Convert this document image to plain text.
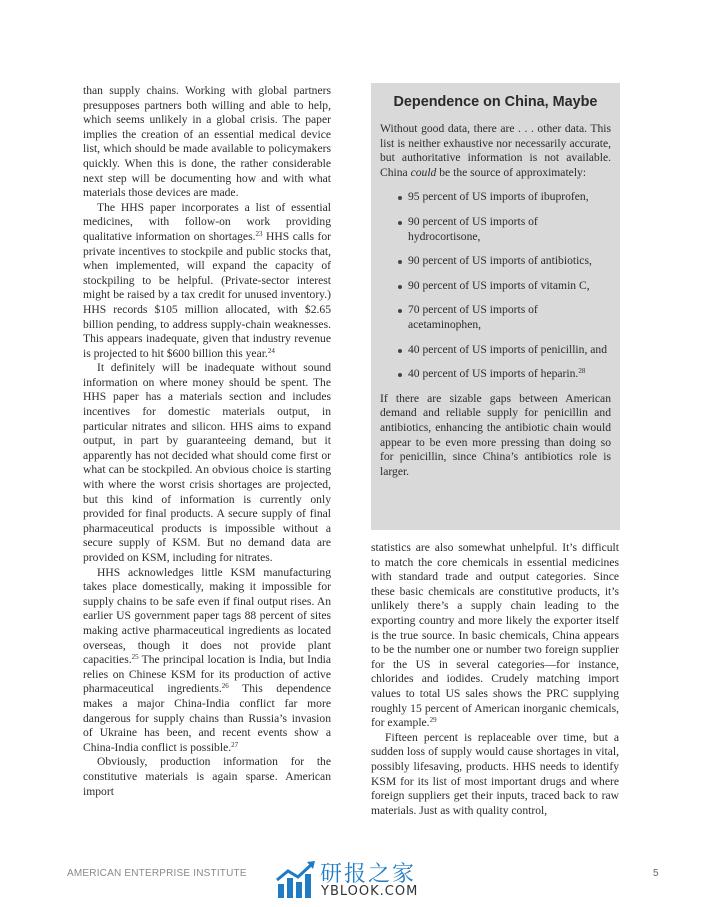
than supply chains. Working with global partners presupposes partners both willing and able to help, which seems unlikely in a global crisis. The paper implies the creation of an essential medical device list, which should be made available to policymakers quickly. When this is done, the rather considerable next step will be documenting how and with what materials those devices are made.

The HHS paper incorporates a list of essential medicines, with follow-on work providing qualitative information on shortages.$^{23}$ HHS calls for private incentives to stockpile and public stocks that, when implemented, will expand the capacity of stockpiling to be helpful. (Private-sector interest might be raised by a tax credit for unused inventory.) HHS records $105 million allocated, with $2.65 billion pending, to address supply-chain weaknesses. This appears inadequate, given that industry revenue is projected to hit $600 billion this year.$^{24}$

It definitely will be inadequate without sound information on where money should be spent. The HHS paper has a materials section and includes incentives for domestic materials output, in particular nitrates and silicon. HHS aims to expand output, in part by guaranteeing demand, but it apparently has not decided what should come first or what can be stockpiled. An obvious choice is starting with where the worst crisis shortages are projected, but this kind of information is currently only provided for final products. A secure supply of final pharmaceutical products is impossible without a secure supply of KSM. But no demand data are provided on KSM, including for nitrates.

HHS acknowledges little KSM manufacturing takes place domestically, making it impossible for supply chains to be safe even if final output rises. An earlier US government paper tags 88 percent of sites making active pharmaceutical ingredients as located overseas, though it does not provide plant capacities.$^{25}$ The principal location is India, but India relies on Chinese KSM for its production of active pharmaceutical ingredients.$^{26}$ This dependence makes a major China-India conflict far more dangerous for supply chains than Russia’s invasion of Ukraine has been, and recent events show a China-India conflict is possible.$^{27}$

Obviously, production information for the constitutive materials is again sparse. American import

Dependence on China, Maybe

Without good data, there are . . . other data. This list is neither exhaustive nor necessarily accurate, but authoritative information is not available. China could be the source of approximately:

95 percent of US imports of ibuprofen,
90 percent of US imports of hydrocortisone,
90 percent of US imports of antibiotics,
90 percent of US imports of vitamin C,
70 percent of US imports of acetaminophen,
40 percent of US imports of penicillin, and
40 percent of US imports of heparin.$^{28}$

If there are sizable gaps between American demand and reliable supply for penicillin and antibiotics, enhancing the antibiotic chain would appear to be even more pressing than doing so for penicillin, since China’s antibiotics role is larger.

statistics are also somewhat unhelpful. It’s difficult to match the core chemicals in essential medicines with standard trade and output categories. Since these basic chemicals are constitutive products, it’s unlikely there’s a supply chain leading to the exporting country and more likely the exporter itself is the true source. In basic chemicals, China appears to be the number one or number two foreign supplier for the US in several categories—for instance, chlorides and iodides. Crudely matching import values to total US sales shows the PRC supplying roughly 15 percent of American inorganic chemicals, for example.$^{29}$

Fifteen percent is replaceable over time, but a sudden loss of supply would cause shortages in vital, possibly lifesaving, products. HHS needs to identify KSM for its list of most important drugs and where foreign suppliers get their inputs, traced back to raw materials. Just as with quality control,

AMERICAN ENTERPRISE INSTITUTE	研报之家
YBLOOK.COM
5
